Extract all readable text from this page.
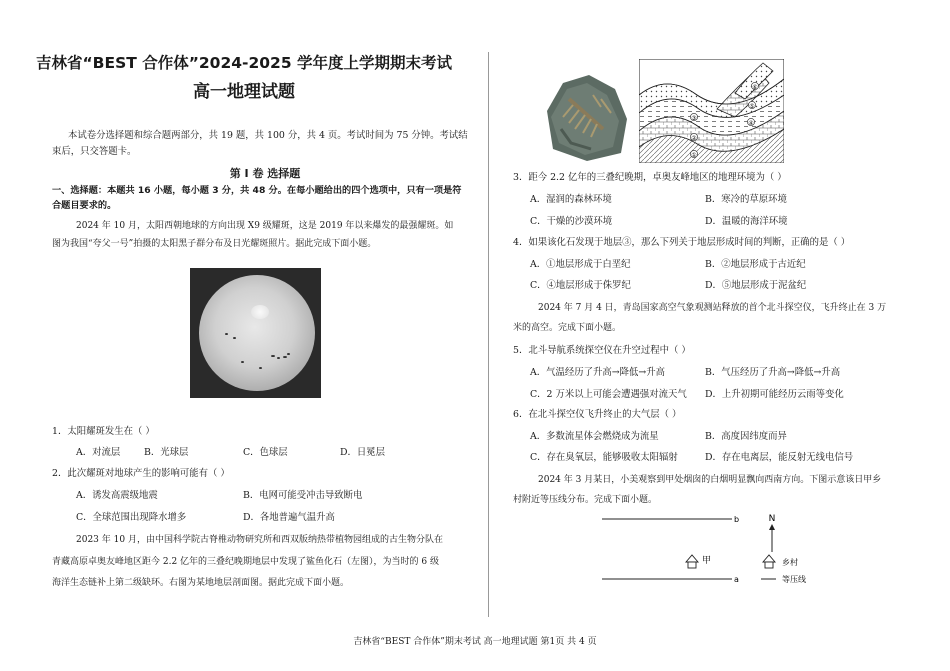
吉林省“BEST 合作体”2024-2025 学年度上学期期末考试
高一地理试题
本试卷分选择题和综合题两部分，共 19 题，共 100 分，共 4 页。考试时间为 75 分钟。考试结
束后，只交答题卡。
第 Ⅰ 卷 选择题
一、选择题：本题共 16 小题，每小题 3 分，共 48 分。在每小题给出的四个选项中，只有一项是符
合题目要求的。
2024 年 10 月，太阳西朝地球的方向出现 X9 级耀斑，这是 2019 年以来爆发的最强耀斑。如
图为我国“夸父一号”拍摄的太阳黑子群分布及日光耀斑照片。据此完成下面小题。
1．太阳耀斑发生在（ ）
A．对流层	B．光球层	C．色球层	D．日冕层
2．此次耀斑对地球产生的影响可能有（ ）
A．诱发高震级地震	B．电网可能受冲击导致断电
C．全球范围出现降水增多	D．各地普遍气温升高
2023 年 10 月，由中国科学院古脊椎动物研究所和西双版纳热带植物园组成的古生物分队在
青藏高原卓奥友峰地区距今 2.2 亿年的三叠纪晚期地层中发现了鲨鱼化石（左图），为当时的 6 级
海洋生态链补上第二级缺环。右图为某地地层剖面图。据此完成下面小题。
①
②
③
④
⑤
⑥
3．距今 2.2 亿年的三叠纪晚期，卓奥友峰地区的地理环境为（ ）
A．湿润的森林环境	B．寒冷的草原环境
C．干燥的沙漠环境	D．温暖的海洋环境
4．如果该化石发现于地层③，那么下列关于地层形成时间的判断，正确的是（ ）
A．①地层形成于白垩纪	B．②地层形成于古近纪
C．④地层形成于侏罗纪	D．⑤地层形成于泥盆纪
2024 年 7 月 4 日，青岛国家高空气象观测站释放的首个北斗探空仪，飞升终止在 3 万
米的高空。完成下面小题。
5．北斗导航系统探空仪在升空过程中（ ）
A．气温经历了升高→降低→升高	B．气压经历了升高→降低→升高
C．2 万米以上可能会遭遇强对流天气 D．上升初期可能经历云雨等变化
6．在北斗探空仪飞升终止的大气层（ ）
A．多数流星体会燃烧成为流星	B．高度因纬度而异
C．存在臭氧层，能够吸收太阳辐射	D．存在电离层，能反射无线电信号
2024 年 3 月某日，小美观察到甲处烟囱的白烟明显飘向西南方向。下图示意该日甲乡
村附近等压线分布。完成下面小题。
b
a
甲
N
乡村
等压线
吉林省“BEST 合作体”期末考试 高一地理试题 第1页 共 4 页
